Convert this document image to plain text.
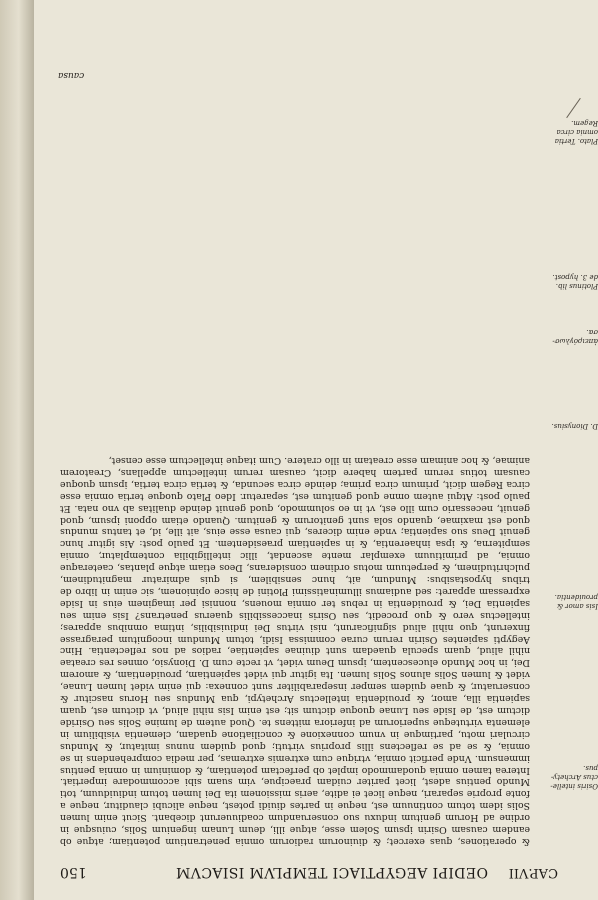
CAP.VII
OEDIPI AEGYPTIACI TEMPLVM ISIACVM
150
Osiris intelle-ctus Archety-pus.
Isis amor & prouidentia.
D. Dionysius.
ἀπειρόγλωσ-σα.
Plotinus lib. de 3. hypost.
Plato. Tertia omnia circa Regem.

& operationes, quas exercet; & diuinorum radiorum omnia penetrantium potentiam; atque ob eandem causam Osirin ipsum Solem esse, atque illi, deum Lunam ingenium Solis, cuiusque in ordine ad Horum genitum induxu suo conseruandum coadiuuerunt dicebant. Sicut enim lumen Solis idem totum continuum est, neque in partes diuidi potest, neque alicubi clauditur, neque a fonte proprie separari, neque licet ei adite, aeris missionem ita Dei lumen totum indiuiduum, toti Mundo pentius adest, licet pariter cuidam praecipue, vim suam sibi accommodare impertiat. Interea tamen omnia quodammodo implet ob perfectam potentiam, & dominium in omnia pentius immensum. Vnde perficit omnia, vtrique cum extremis extremas, per media comprehendens in se omnia, & se ad se reflectens illis proprius virtuti; quod quidem nunus imitatur, & Mundus circulari motu, partimque in vnum connexione & conciliatione quadam, clementia visibilium in elementa virtuteque superiorum ad inferiora mittens te. Quod autem de lumine Solis seu Osiride dictum est, de Iside seu Lunae quoque dictum sit; est enim Isis nihil aliud, vt dictum est, quam sapientia illa, amor, & prouidentia intellectus Archetypi, qua Mundus seu Horus nascitur & conseruatur, & quae quidem semper inseparabiliter sunt connexa: qui enim videt lumen Lunae, videt & lumen Solis alunos Solis lumen. Ita igitur qui videt sapientiam, prouidentiam, & amorem Dei, in hoc Mundo elucescentem, ipsum Deum videt, vt recte cum D. Dionysio, omnes res creatae nihil aliud, quam specula quaedam sunt diuinae sapientiae, radios ad nos reflectentia. Hinc Aegypti sapientes Osirin rerum curae commissa Isidi, totum Mundum incognitum peragrasse finxerunt, quo nihil aliud significarunt, nisi virtus Dei indiuisibilis, intima omnibus appares; intellectus vero & quo procedit, seu Osiris inaccessibilis quaerus penetrans? Isis enim seu sapientia Dei, & prouidentia in rebus ter omnia mouens, nonnisi per imaginem eius in Iside expressam apparet: sed audiamus illuminatissimi Plotini de hisce opinionem, sic enim in libro de tribus hypostasibus: Mundum, ait, hunc sensibilem, si quis admiratur magnitudinem, pulchritudinem, & perpetuum motus ordinem considerans, Deos etiam atque plantas, caeteraque omnia, ad primitiuum exemplar mente ascendat, illic intelligibilia contemplatur, omnia sempiterna, & ipsa inhaerentia, & in sapientiam praesidentem. Et paulo post: Ais igitur hunc genuit Deus suo sapientia; vnde enim diceres, qui causa esse eius, ait ille, id, et tantus mundus quod est maximae, quando sola sunt genitorum & genitum. Quando etiam opponi ipsum, quod genuit, necessario cum illo est, vt in eo solummodo, quod genuit deinde dualitas ab vno nata. Et paulo post: Atqui autem omne quod genitum est, separetur. Ideo Plato quoque tertia omnia esse circa Regem dicit, primum circa prima; deinde circa secunda, & tertia circa tertia, ipsum quoque causam totius rerum partem habere dicit, causam rerum intellectum appellans, Creatorem animae, & hoc animam esse creatam in illo cratere. Cum itaque intellectum esse censet,

causa
